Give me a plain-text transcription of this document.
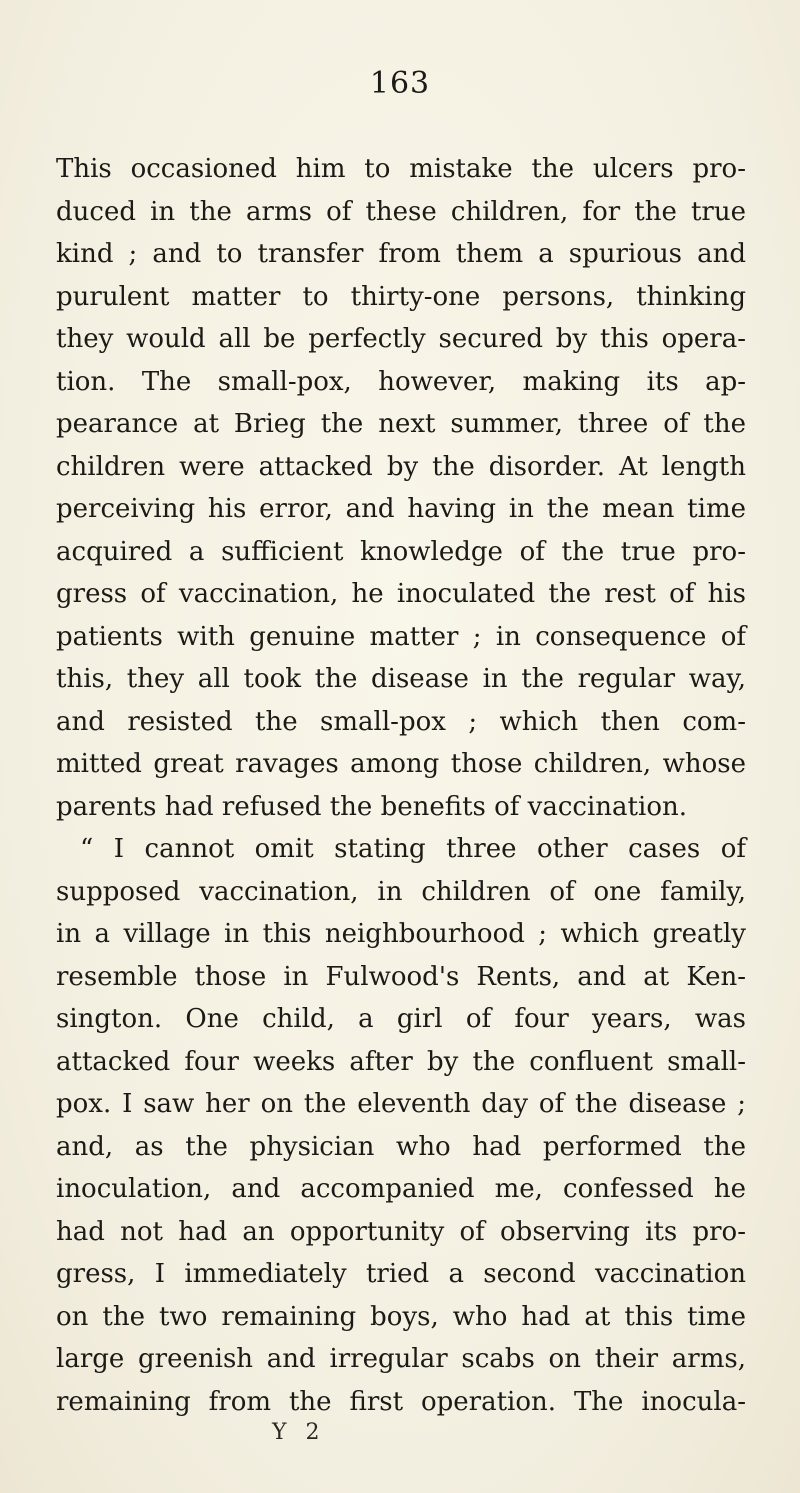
163
This occasioned him to mistake the ulcers pro-
duced in the arms of these children, for the true
kind ; and to transfer from them a spurious and
purulent matter to thirty-one persons, thinking
they would all be perfectly secured by this opera-
tion. The small-pox, however, making its ap-
pearance at Brieg the next summer, three of the
children were attacked by the disorder. At length
perceiving his error, and having in the mean time
acquired a sufficient knowledge of the true pro-
gress of vaccination, he inoculated the rest of his
patients with genuine matter ; in consequence of
this, they all took the disease in the regular way,
and resisted the small-pox ; which then com-
mitted great ravages among those children, whose
parents had refused the benefits of vaccination.
“ I cannot omit stating three other cases of
supposed vaccination, in children of one family,
in a village in this neighbourhood ; which greatly
resemble those in Fulwood's Rents, and at Ken-
sington. One child, a girl of four years, was
attacked four weeks after by the confluent small-
pox. I saw her on the eleventh day of the disease ;
and, as the physician who had performed the
inoculation, and accompanied me, confessed he
had not had an opportunity of observing its pro-
gress, I immediately tried a second vaccination
on the two remaining boys, who had at this time
large greenish and irregular scabs on their arms,
remaining from the first operation. The inocula-
Y 2
